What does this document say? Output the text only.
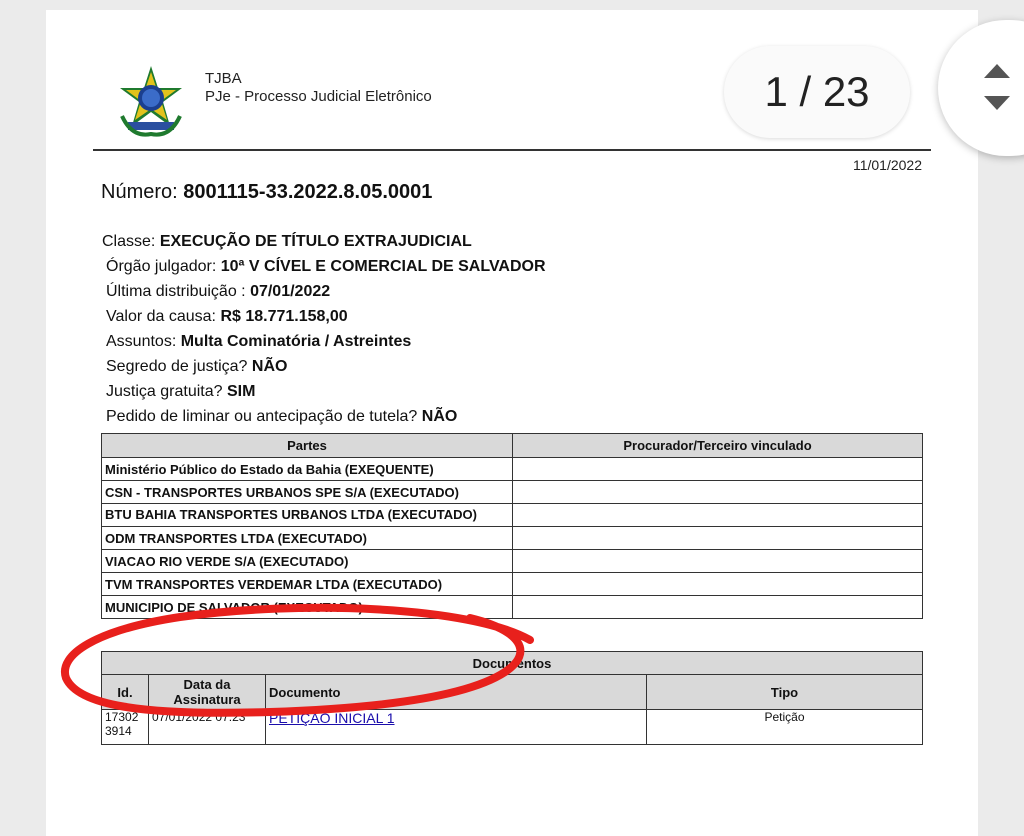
TJBA
PJe - Processo Judicial Eletrônico
11/01/2022
Número: 8001115-33.2022.8.05.0001
Classe: EXECUÇÃO DE TÍTULO EXTRAJUDICIAL
Órgão julgador: 10ª V CÍVEL E COMERCIAL DE SALVADOR
Última distribuição : 07/01/2022
Valor da causa: R$ 18.771.158,00
Assuntos: Multa Cominatória / Astreintes
Segredo de justiça? NÃO
Justiça gratuita? SIM
Pedido de liminar ou antecipação de tutela? NÃO
Partes	Procurador/Terceiro vinculado
Ministério Público do Estado da Bahia (EXEQUENTE)	
CSN - TRANSPORTES URBANOS SPE S/A (EXECUTADO)	
BTU BAHIA TRANSPORTES URBANOS LTDA (EXECUTADO)	
ODM TRANSPORTES LTDA (EXECUTADO)	
VIACAO RIO VERDE S/A (EXECUTADO)	
TVM TRANSPORTES VERDEMAR LTDA (EXECUTADO)	
MUNICIPIO DE SALVADOR (EXECUTADO)	
Documentos			
Id.	Data da Assinatura	Documento	Tipo
173023914	07/01/2022 07:23	PETIÇÃO INICIAL 1	Petição
1 / 23
